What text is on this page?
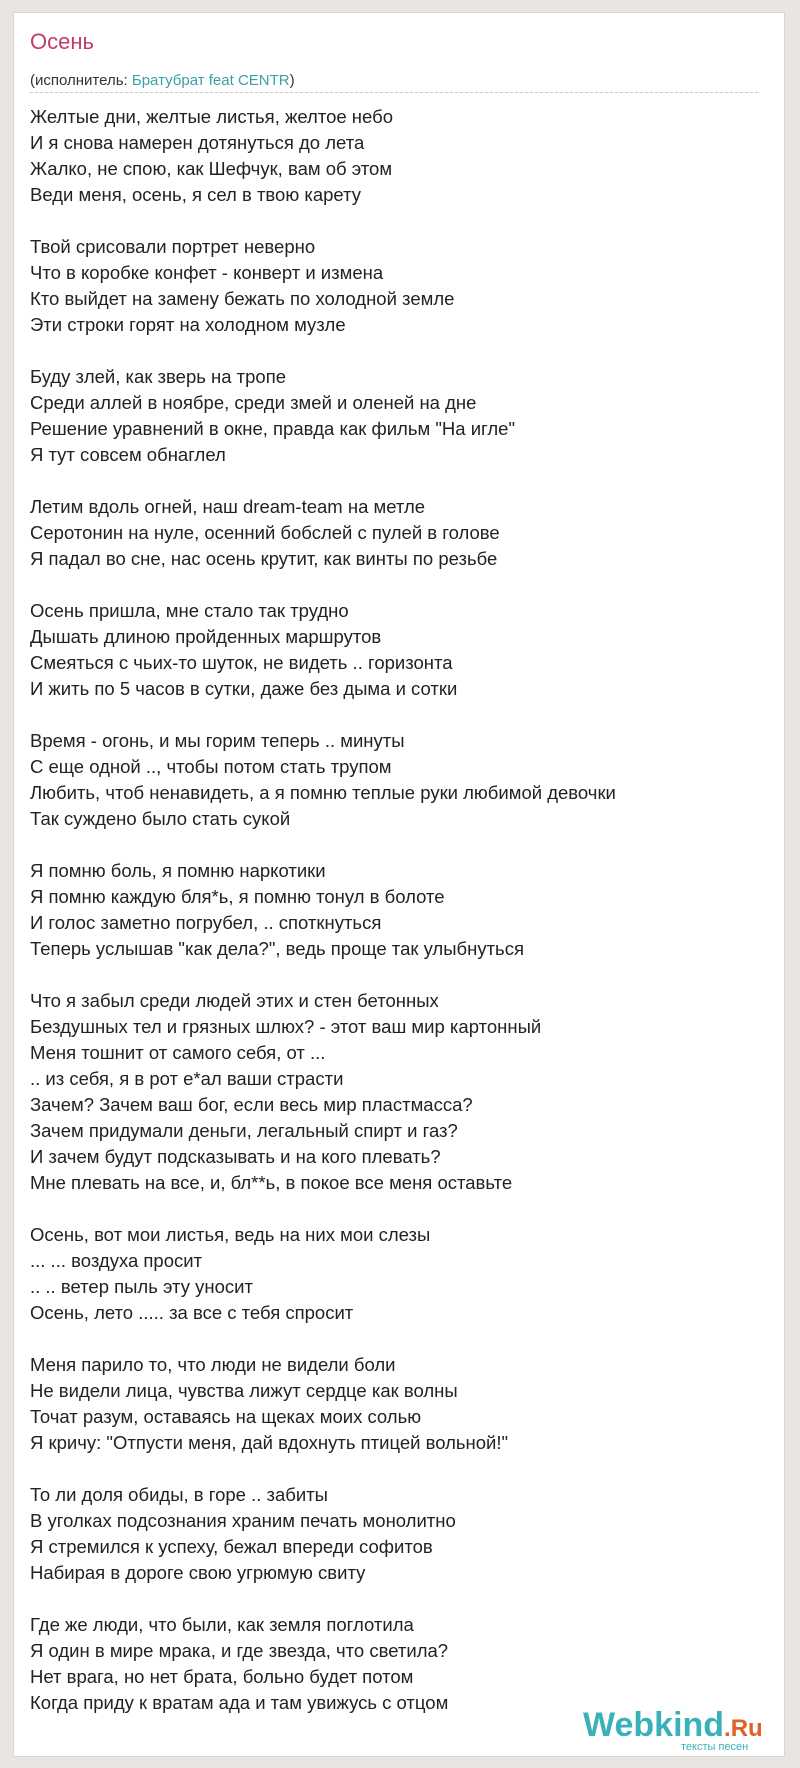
Осень
(исполнитель: Братубрат feat CENTR)
Желтые дни, желтые листья, желтое небо
И я снова намерен дотянуться до лета
Жалко, не спою, как Шефчук, вам об этом
Веди меня, осень, я сел в твою карету
Твой срисовали портрет неверно
Что в коробке конфет - конверт и измена
Кто выйдет на замену бежать по холодной земле
Эти строки горят на холодном музле
Буду злей, как зверь на тропе
Среди аллей в ноябре, среди змей и оленей на дне
Решение уравнений в окне, правда как фильм "На игле"
Я тут совсем обнаглел
Летим вдоль огней, наш dream-team на метле
Серотонин на нуле, осенний бобслей с пулей в голове
Я падал во сне, нас осень крутит, как винты по резьбе
Осень пришла, мне стало так трудно
Дышать длиною пройденных маршрутов
Смеяться с чьих-то шуток, не видеть .. горизонта
И жить по 5 часов в сутки, даже без дыма и сотки
Время - огонь, и мы горим теперь .. минуты
С еще одной .., чтобы потом стать трупом
Любить, чтоб ненавидеть, а я помню теплые руки любимой девочки
Так суждено было стать сукой
Я помню боль, я помню наркотики
Я помню каждую бля*ь, я помню тонул в болоте
И голос заметно погрубел, .. споткнуться
Теперь услышав "как дела?", ведь проще так улыбнуться
Что я забыл среди людей этих и стен бетонных
Бездушных тел и грязных шлюх? - этот ваш мир картонный
Меня тошнит от самого себя, от ...
.. из себя, я в рот е*ал ваши страсти
Зачем? Зачем ваш бог, если весь мир пластмасса?
Зачем придумали деньги, легальный спирт и газ?
И зачем будут подсказывать и на кого плевать?
Мне плевать на все, и, бл**ь, в покое все меня оставьте
Осень, вот мои листья, ведь на них мои слезы
... ... воздуха просит
.. .. ветер пыль эту уносит
Осень, лето ..... за все с тебя спросит
Меня парило то, что люди не видели боли
Не видели лица, чувства лижут сердце как волны
Точат разум, оставаясь на щеках моих солью
Я кричу: "Отпусти меня, дай вдохнуть птицей вольной!"
То ли доля обиды, в горе .. забиты
В уголках подсознания храним печать монолитно
Я стремился к успеху, бежал впереди софитов
Набирая в дороге свою угрюмую свиту
Где же люди, что были, как земля поглотила
Я один в мире мрака, и где звезда, что светила?
Нет врага, но нет брата, больно будет потом
Когда приду к вратам ада и там увижусь с отцом
Webkind.Ru
тексты песен
